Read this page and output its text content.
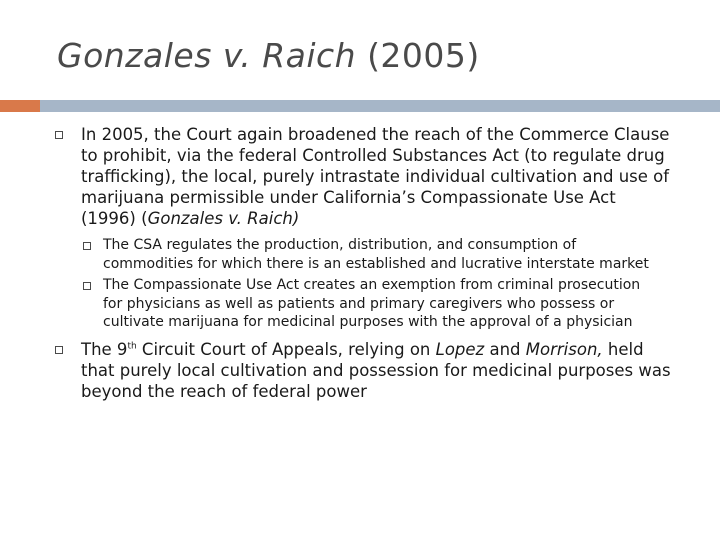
Gonzales v. Raich (2005)
In 2005, the Court again broadened the reach of the Commerce Clause to prohibit, via the federal Controlled Substances Act (to regulate drug trafficking), the local, purely intrastate individual cultivation and use of marijuana permissible under California’s Compassionate Use Act (1996) (Gonzales v. Raich)
The CSA regulates the production, distribution, and consumption of commodities for which there is an established and lucrative interstate market
The Compassionate Use Act creates an exemption from criminal prosecution for physicians as well as patients and primary caregivers who possess or cultivate marijuana for medicinal purposes with the approval of a physician
The 9th Circuit Court of Appeals, relying on Lopez and Morrison, held that purely local cultivation and possession for medicinal purposes was beyond the reach of federal power
